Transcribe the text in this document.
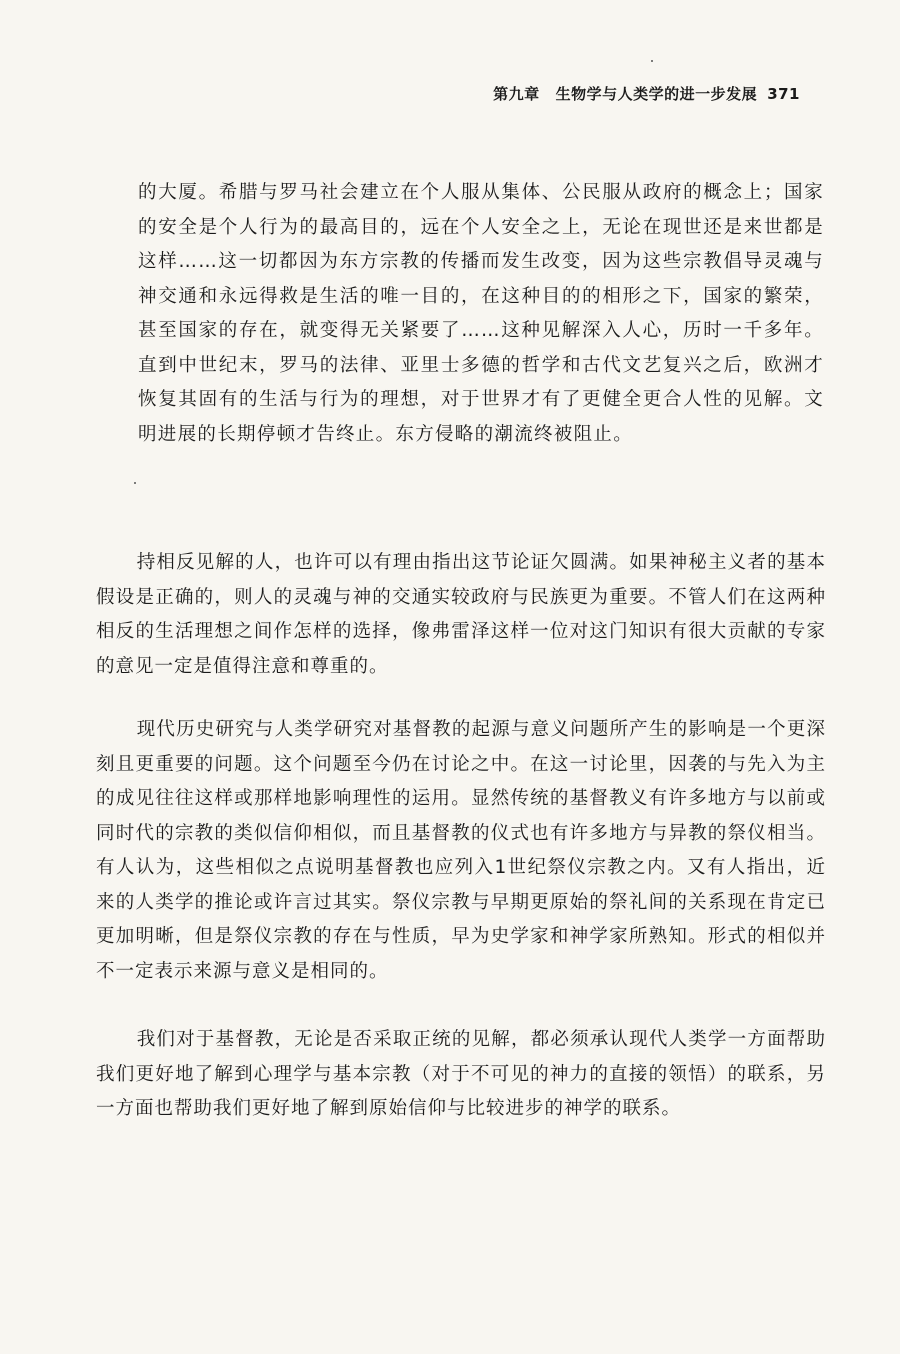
第九章 生物学与人类学的进一步发展 371
的大厦。希腊与罗马社会建立在个人服从集体、公民服从政府的概念上；国家的安全是个人行为的最高目的，远在个人安全之上，无论在现世还是来世都是这样……这一切都因为东方宗教的传播而发生改变，因为这些宗教倡导灵魂与神交通和永远得救是生活的唯一目的，在这种目的的相形之下，国家的繁荣，甚至国家的存在，就变得无关紧要了……这种见解深入人心，历时一千多年。直到中世纪末，罗马的法律、亚里士多德的哲学和古代文艺复兴之后，欧洲才恢复其固有的生活与行为的理想，对于世界才有了更健全更合人性的见解。文明进展的长期停顿才告终止。东方侵略的潮流终被阻止。
持相反见解的人，也许可以有理由指出这节论证欠圆满。如果神秘主义者的基本假设是正确的，则人的灵魂与神的交通实较政府与民族更为重要。不管人们在这两种相反的生活理想之间作怎样的选择，像弗雷泽这样一位对这门知识有很大贡献的专家的意见一定是值得注意和尊重的。
现代历史研究与人类学研究对基督教的起源与意义问题所产生的影响是一个更深刻且更重要的问题。这个问题至今仍在讨论之中。在这一讨论里，因袭的与先入为主的成见往往这样或那样地影响理性的运用。显然传统的基督教义有许多地方与以前或同时代的宗教的类似信仰相似，而且基督教的仪式也有许多地方与异教的祭仪相当。有人认为，这些相似之点说明基督教也应列入1世纪祭仪宗教之内。又有人指出，近来的人类学的推论或许言过其实。祭仪宗教与早期更原始的祭礼间的关系现在肯定已更加明晰，但是祭仪宗教的存在与性质，早为史学家和神学家所熟知。形式的相似并不一定表示来源与意义是相同的。
我们对于基督教，无论是否采取正统的见解，都必须承认现代人类学一方面帮助我们更好地了解到心理学与基本宗教（对于不可见的神力的直接的领悟）的联系，另一方面也帮助我们更好地了解到原始信仰与比较进步的神学的联系。
